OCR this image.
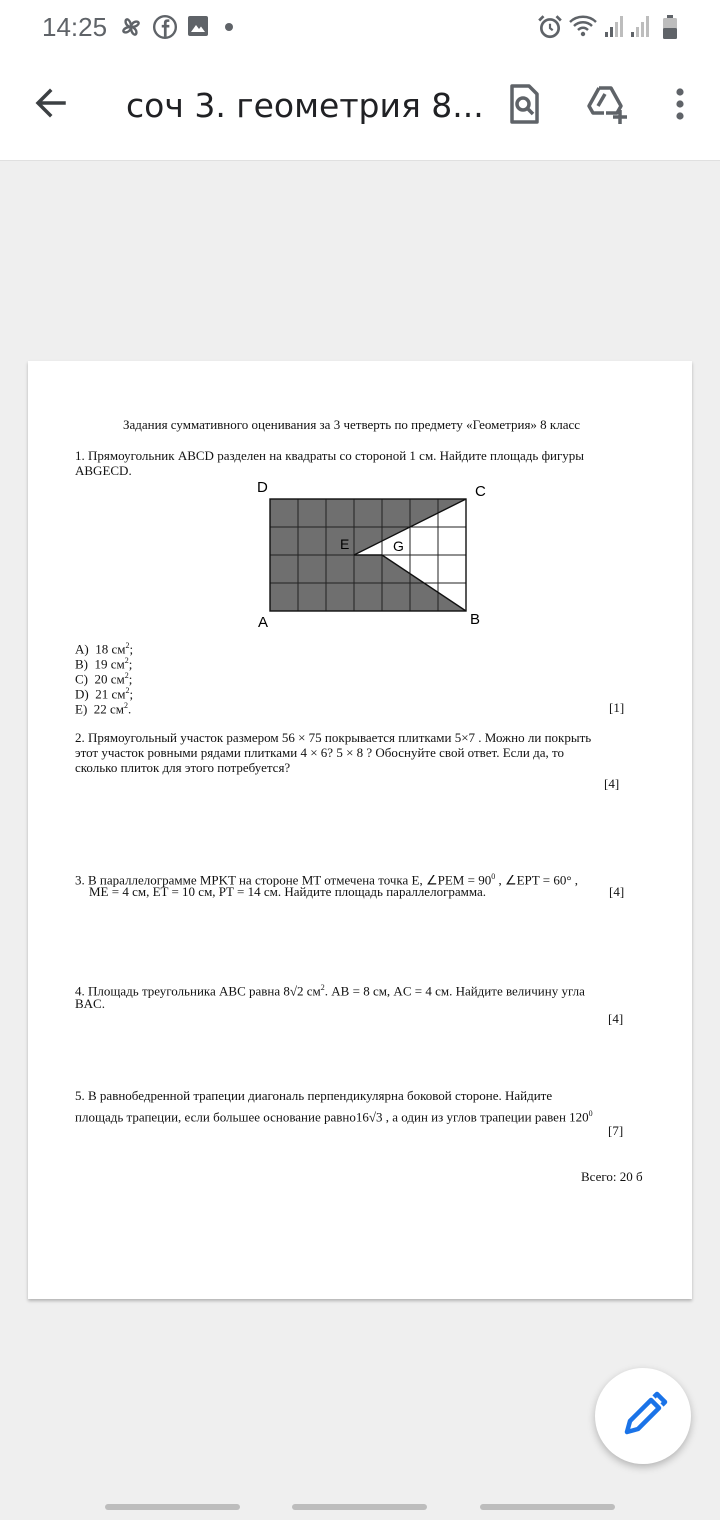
14:25
соч 3. геометрия 8...
Задания суммативного оценивания за 3 четверть по предмету «Геометрия» 8 класс
1. Прямоугольник ABCD разделен на квадраты со стороной 1 см. Найдите площадь фигуры
ABGECD.
D	C
A	B
E	G
A) 18 $см^2$;
B) 19 $см^2$;
C) 20 $см^2$;
D) 21 $см^2$;
E) 22 $см^2$.	[1]
2. Прямоугольный участок размером 56 × 75 покрывается плитками 5×7 . Можно ли покрыть
этот участок ровными рядами плитками 4 × 6? 5 × 8 ? Обоснуйте свой ответ. Если да, то
сколько плиток для этого потребуется?
[4]
3. В параллелограмме MPKT на стороне MT отмечена точка E, ∠PEM = $90^0$ , ∠EPT = 60° ,
ME = 4 см, ET = 10 см, PT = 14 см. Найдите площадь параллелограмма.	[4]
4. Площадь треугольника ABC равна 8√2 $см^2$. AB = 8 см, AC = 4 см. Найдите величину угла
BAC.
[4]
5. В равнобедренной трапеции диагональ перпендикулярна боковой стороне. Найдите
площадь трапеции, если большее основание равно16√3 , а один из углов трапеции равен $120^0$
[7]
Всего: 20 б
